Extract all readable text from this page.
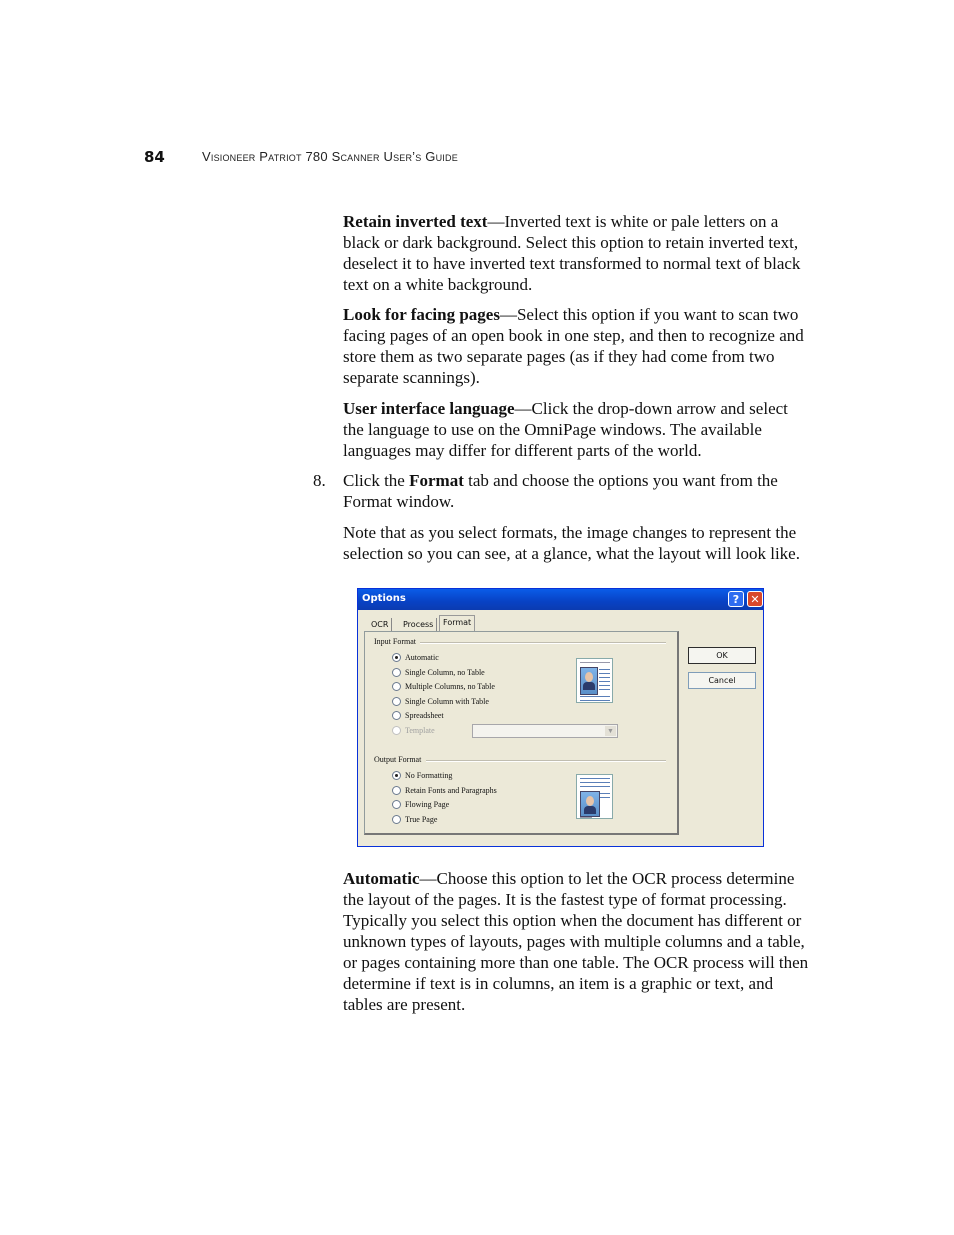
84	Visioneer Patriot 780 Scanner User’s Guide

Retain inverted text—Inverted text is white or pale letters on a black or dark background. Select this option to retain inverted text, deselect it to have inverted text transformed to normal text of black text on a white background.

Look for facing pages—Select this option if you want to scan two facing pages of an open book in one step, and then to recognize and store them as two separate pages (as if they had come from two separate scannings).

User interface language—Click the drop-down arrow and select the language to use on the OmniPage windows. The available languages may differ for different parts of the world.

8. Click the Format tab and choose the options you want from the Format window.

Note that as you select formats, the image changes to represent the selection so you can see, at a glance, what the layout will look like.

Options	?	✕
OCR	Process	Format
Input Format
Automatic
Single Column, no Table
Multiple Columns, no Table
Single Column with Table
Spreadsheet
Template	▼
Output Format
No Formatting
Retain Fonts and Paragraphs
Flowing Page
True Page
OK
Cancel

Automatic—Choose this option to let the OCR process determine the layout of the pages. It is the fastest type of format processing. Typically you select this option when the document has different or unknown types of layouts, pages with multiple columns and a table, or pages containing more than one table. The OCR process will then determine if text is in columns, an item is a graphic or text, and tables are present.
